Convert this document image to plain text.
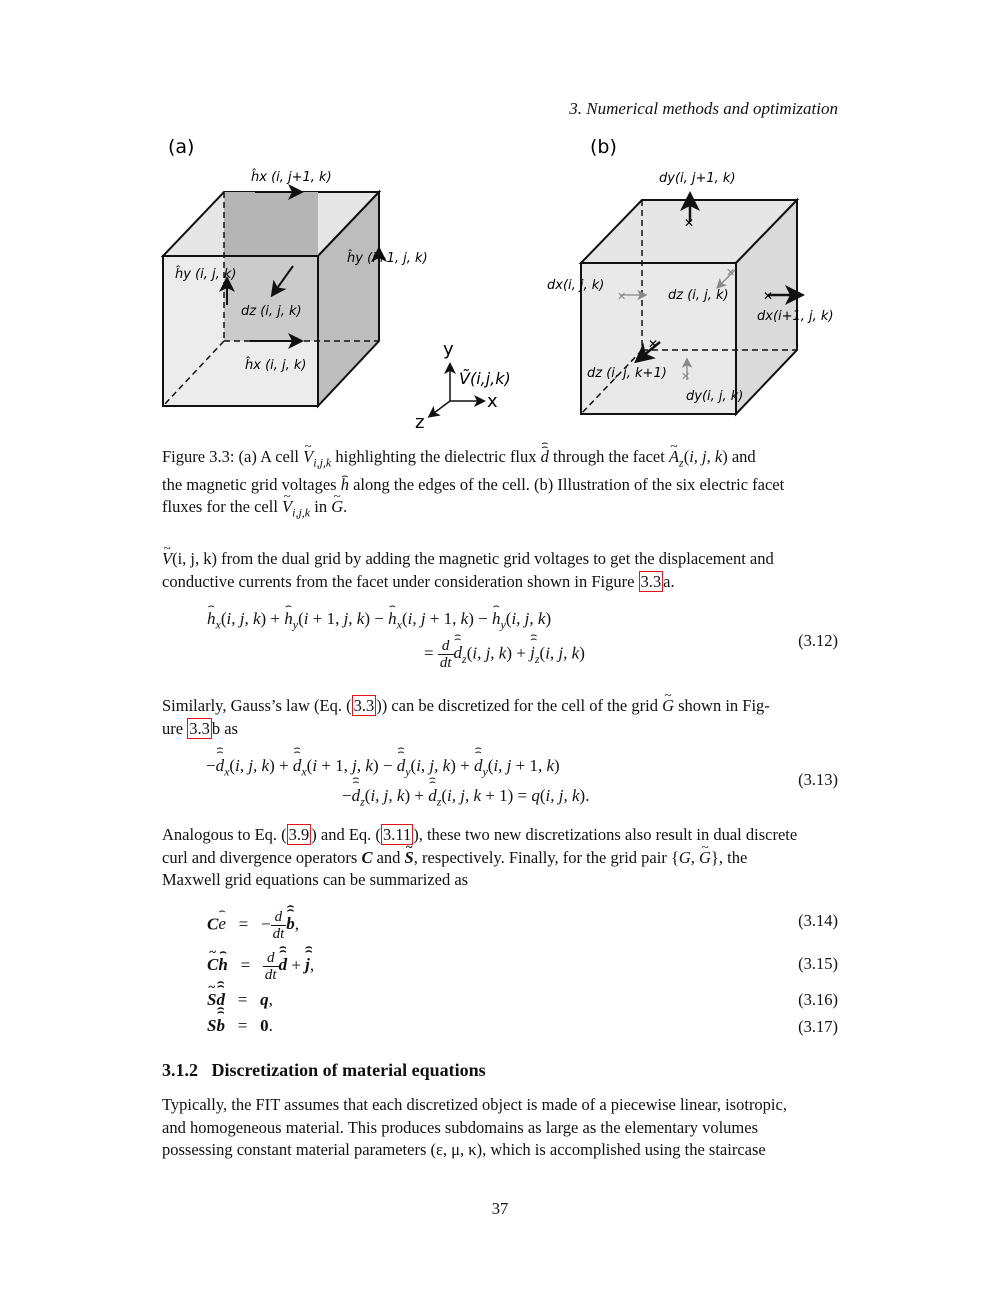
3. Numerical methods and optimization
(a)
ĥx (i, j+1, k)
ĥy (i, j, k)
ĥy (i+1, j, k)
dz (i, j, k)
ĥx (i, j, k)
y
x
z
Ṽ(i,j,k)
✕
✕
✕
✕
✕
✕
(b)
dy(i, j+1, k)
dx(i, j, k)
dz (i, j, k)
dx(i+1, j, k)
dz (i, j, k+1)
dy(i, j, k)
Figure 3.3: (a) A cell ~ $V_{i,j,k}$ highlighting the dielectric flux ⌢ d ⌢ through the facet ~ $A_z(i$, j, k) and
the magnetic grid voltages ⌢ h along the edges of the cell. (b) Illustration of the six electric facet
fluxes for the cell ~ $V_{i,j,k}$ in ~ G.
~ V(i, j, k) from the dual grid by adding the magnetic grid voltages to get the displacement and
conductive currents from the facet under consideration shown in Figure 3.3 a.
⌢ $h_x(i$, j, k) + ⌢ $h_y(i + 1$, j, k) − ⌢ $h_x(i$, j + 1, k) − ⌢ $h_y(i$, j, k)
= $\frac{d}{dt}$ ⌢ d $⌢_z(i$, j, k) + ⌢ j $⌢_z(i$, j, k)
(3.12)
Similarly, Gauss’s law (Eq. ( 3.3 )) can be discretized for the cell of the grid ~ G shown in Fig-
ure 3.3 b as
−⌢ d $⌢_x(i$, j, k) + ⌢ d $⌢_x(i + 1$, j, k) − ⌢ d $⌢_y(i$, j, k) + ⌢ d $⌢_y(i$, j + 1, k)
−⌢ d $⌢_z(i$, j, k) + ⌢ d $⌢_z(i$, j, k + 1) = q(i, j, k).
(3.13)
Analogous to Eq. ( 3.9 ) and Eq. ( 3.11 ), these two new discretizations also result in dual discrete
curl and divergence operators C and ~ S, respectively. Finally, for the grid pair {G, ~ G}, the
Maxwell grid equations can be summarized as
C⌢ e   =   − $\frac{d}{dt}$ ⌢ b ⌢,	(3.14)
~ C⌢ $h = \frac{d}{dt}$ ⌢ d ⌢ + ⌢ j ⌢,	(3.15)
~ S⌢ d ⌢   =   q,	(3.16)
S⌢ b ⌢   =   0.	(3.17)
3.1.2 Discretization of material equations
Typically, the FIT assumes that each discretized object is made of a piecewise linear, isotropic,
and homogeneous material. This produces subdomains as large as the elementary volumes
possessing constant material parameters (ε, μ, κ), which is accomplished using the staircase
37
